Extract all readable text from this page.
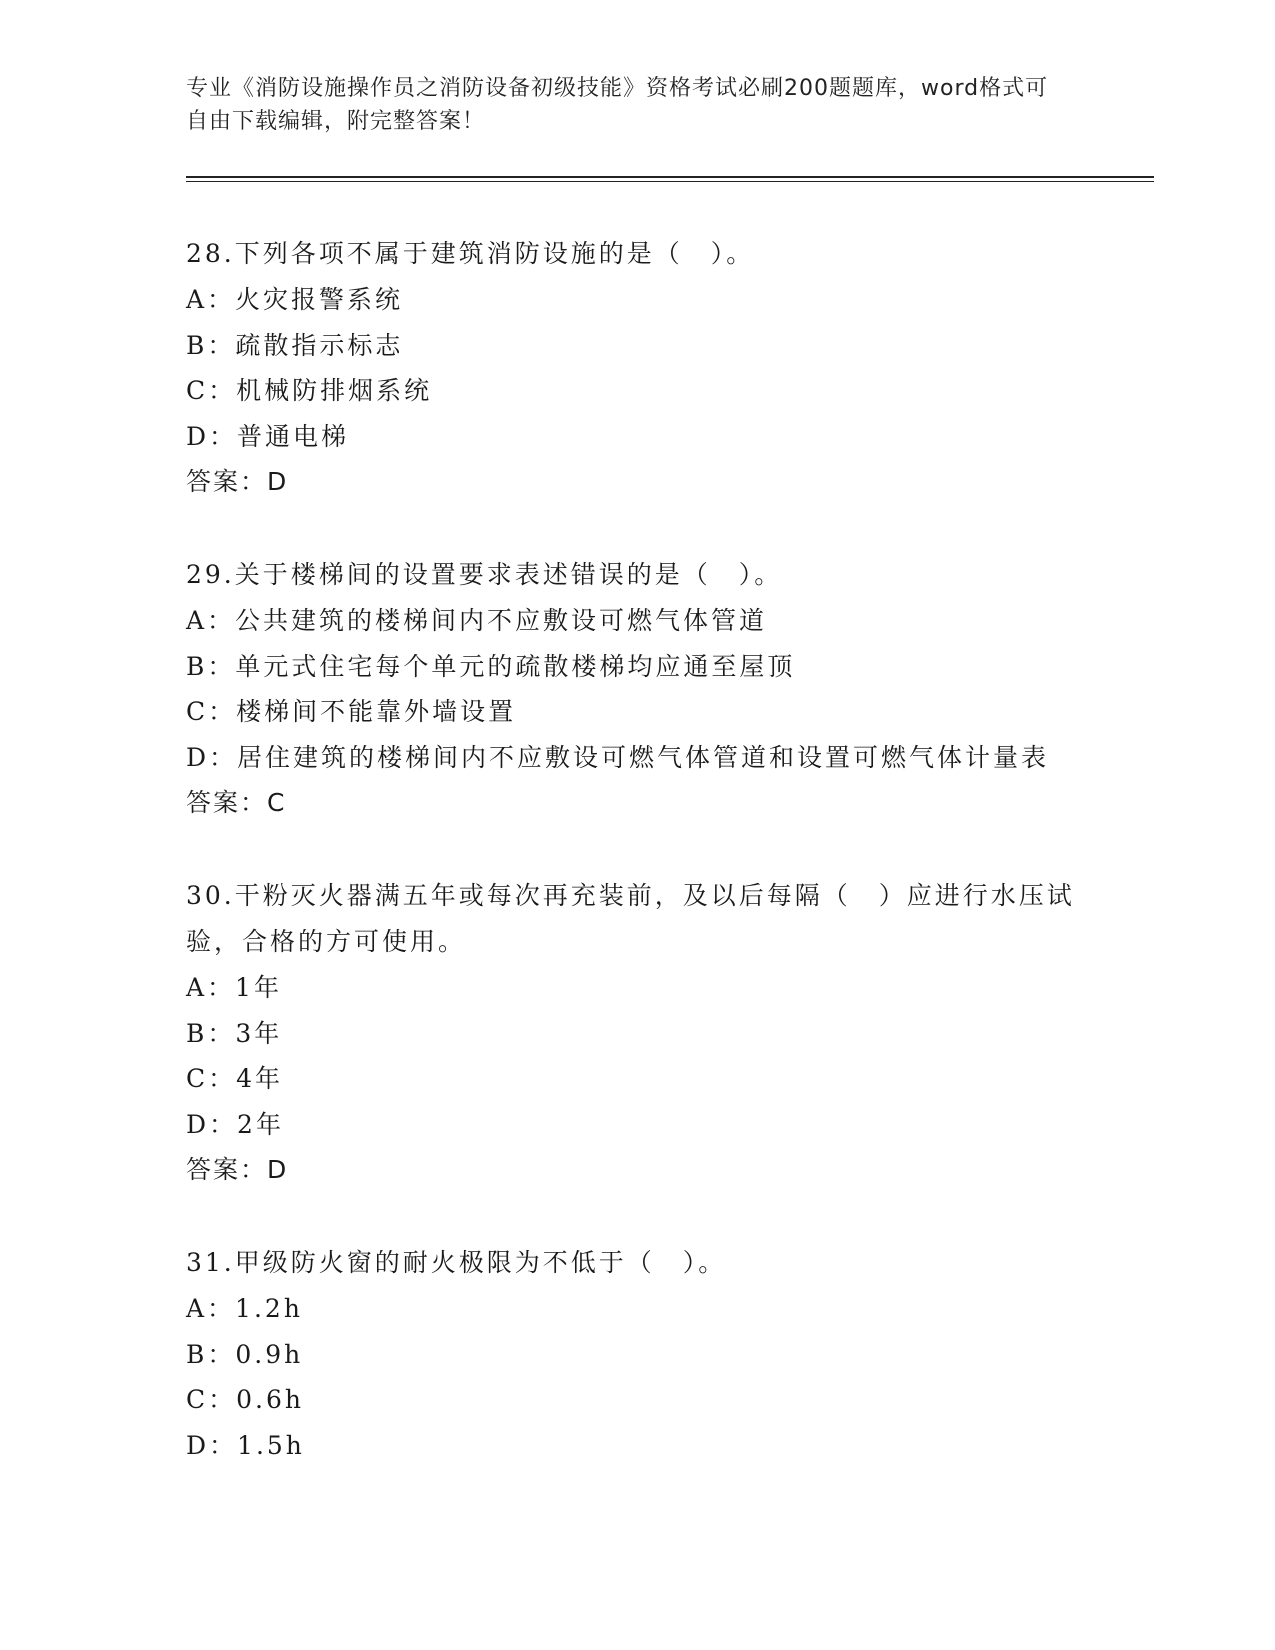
专业《消防设施操作员之消防设备初级技能》资格考试必刷200题题库，word格式可自由下载编辑，附完整答案！
28.下列各项不属于建筑消防设施的是（　）。
A：火灾报警系统
B：疏散指示标志
C：机械防排烟系统
D：普通电梯
答案：D
29.关于楼梯间的设置要求表述错误的是（　）。
A：公共建筑的楼梯间内不应敷设可燃气体管道
B：单元式住宅每个单元的疏散楼梯均应通至屋顶
C：楼梯间不能靠外墙设置
D：居住建筑的楼梯间内不应敷设可燃气体管道和设置可燃气体计量表
答案：C
30.干粉灭火器满五年或每次再充装前，及以后每隔（　）应进行水压试验，合格的方可使用。
A：1年
B：3年
C：4年
D：2年
答案：D
31.甲级防火窗的耐火极限为不低于（　）。
A：1.2h
B：0.9h
C：0.6h
D：1.5h
